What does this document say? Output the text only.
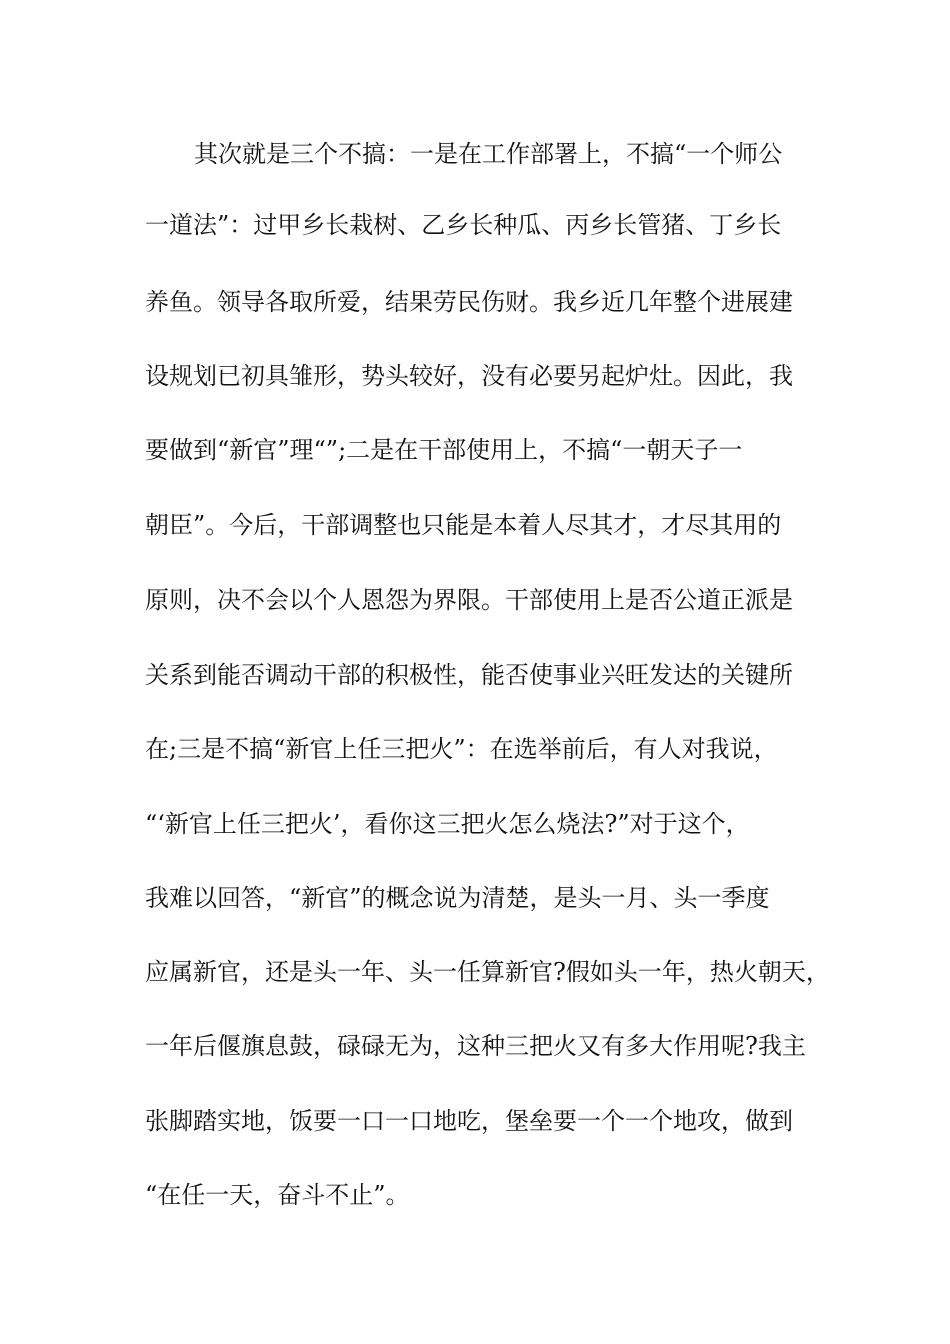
其次就是三个不搞：一是在工作部署上，不搞“一个师公
一道法”：过甲乡长栽树、乙乡长种瓜、丙乡长管猪、丁乡长
养鱼。领导各取所爱，结果劳民伤财。我乡近几年整个进展建
设规划已初具雏形，势头较好，没有必要另起炉灶。因此，我
要做到“新官”理“”;二是在干部使用上，不搞“一朝天子一
朝臣”。今后，干部调整也只能是本着人尽其才，才尽其用的
原则，决不会以个人恩怨为界限。干部使用上是否公道正派是
关系到能否调动干部的积极性，能否使事业兴旺发达的关键所
在;三是不搞“新官上任三把火”：在选举前后，有人对我说，
“‘新官上任三把火’，看你这三把火怎么烧法?”对于这个，
我难以回答，“新官”的概念说为清楚，是头一月、头一季度
应属新官，还是头一年、头一任算新官?假如头一年，热火朝天，
一年后偃旗息鼓，碌碌无为，这种三把火又有多大作用呢?我主
张脚踏实地，饭要一口一口地吃，堡垒要一个一个地攻，做到
“在任一天，奋斗不止”。
